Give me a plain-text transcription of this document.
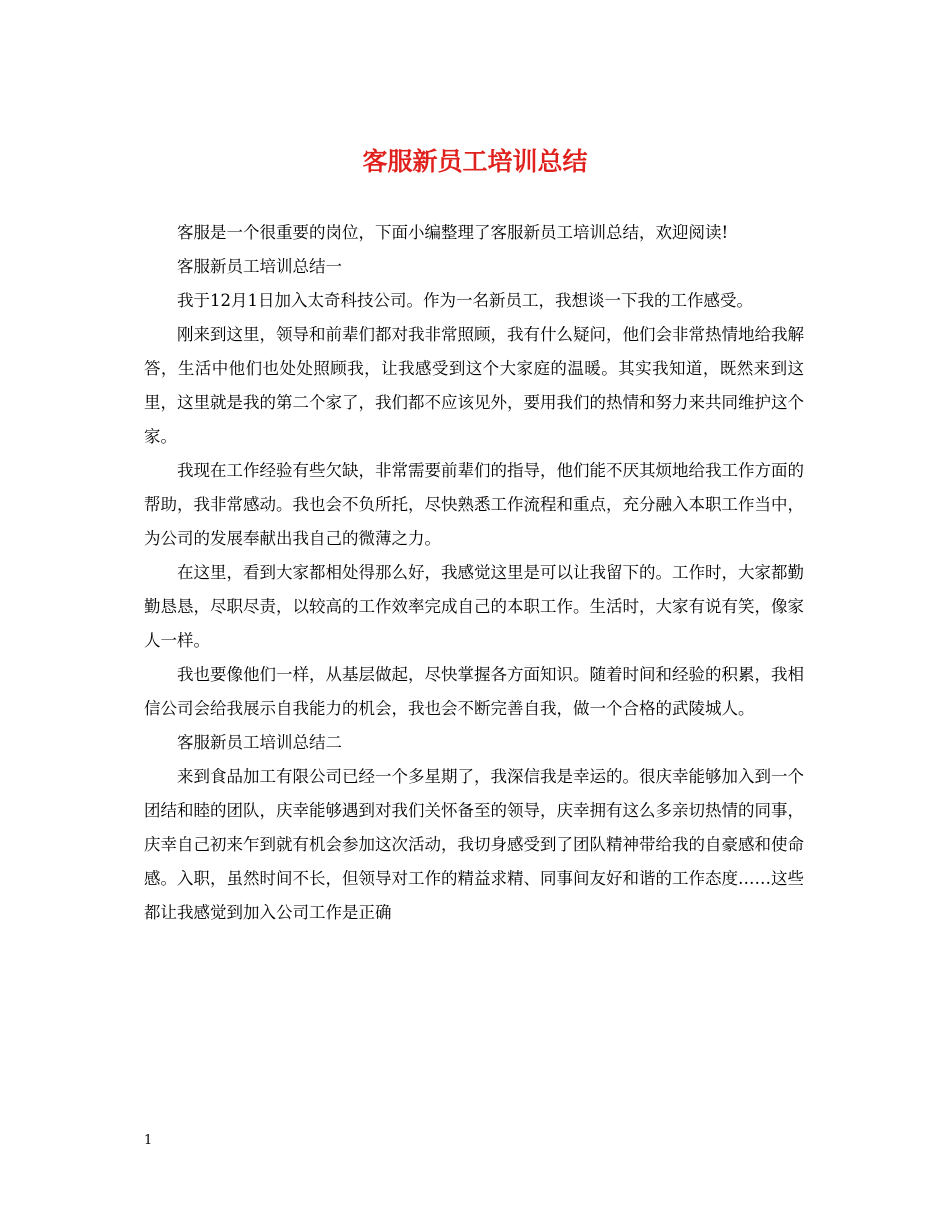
客服新员工培训总结

客服是一个很重要的岗位，下面小编整理了客服新员工培训总结，欢迎阅读!

客服新员工培训总结一

我于12月1日加入太奇科技公司。作为一名新员工，我想谈一下我的工作感受。

刚来到这里，领导和前辈们都对我非常照顾，我有什么疑问，他们会非常热情地给我解答，生活中他们也处处照顾我，让我感受到这个大家庭的温暖。其实我知道，既然来到这里，这里就是我的第二个家了，我们都不应该见外，要用我们的热情和努力来共同维护这个家。

我现在工作经验有些欠缺，非常需要前辈们的指导，他们能不厌其烦地给我工作方面的帮助，我非常感动。我也会不负所托，尽快熟悉工作流程和重点，充分融入本职工作当中，为公司的发展奉献出我自己的微薄之力。

在这里，看到大家都相处得那么好，我感觉这里是可以让我留下的。工作时，大家都勤勤恳恳，尽职尽责，以较高的工作效率完成自己的本职工作。生活时，大家有说有笑，像家人一样。

我也要像他们一样，从基层做起，尽快掌握各方面知识。随着时间和经验的积累，我相信公司会给我展示自我能力的机会，我也会不断完善自我，做一个合格的武陵城人。

客服新员工培训总结二

来到食品加工有限公司已经一个多星期了，我深信我是幸运的。很庆幸能够加入到一个团结和睦的团队，庆幸能够遇到对我们关怀备至的领导，庆幸拥有这么多亲切热情的同事，庆幸自己初来乍到就有机会参加这次活动，我切身感受到了团队精神带给我的自豪感和使命感。入职，虽然时间不长，但领导对工作的精益求精、同事间友好和谐的工作态度……这些都让我感觉到加入公司工作是正确

1
